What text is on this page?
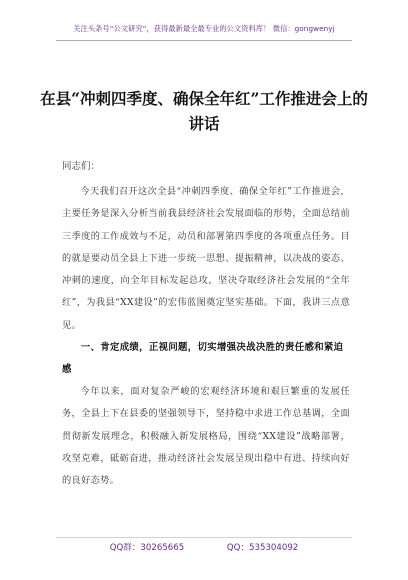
关注头条号“公文研究”，获得最新最全最专业的公文资料库！ 微信：gongwenyj
在县“冲刺四季度、确保全年红”工作推进会上的讲话
同志们：
今天我们召开这次全县“冲刺四季度、确保全年红”工作推进会，主要任务是深入分析当前我县经济社会发展面临的形势，全面总结前三季度的工作成效与不足，动员和部署第四季度的各项重点任务。目的就是要动员全县上下进一步统一思想、提振精神，以决战的姿态、冲刺的速度，向全年目标发起总攻，坚决夺取经济社会发展的“全年红”，为我县“XX建设”的宏伟蓝图奠定坚实基础。下面，我讲三点意见。
一、肯定成绩，正视问题，切实增强决战决胜的责任感和紧迫感
今年以来，面对复杂严峻的宏观经济环境和艰巨繁重的发展任务，全县上下在县委的坚强领导下，坚持稳中求进工作总基调，全面贯彻新发展理念，积极融入新发展格局，围绕“XX建设”战略部署，攻坚克难，砥砺奋进，推动经济社会发展呈现出稳中有进、持续向好的良好态势。
QQ群：30265665	QQ：535304092
